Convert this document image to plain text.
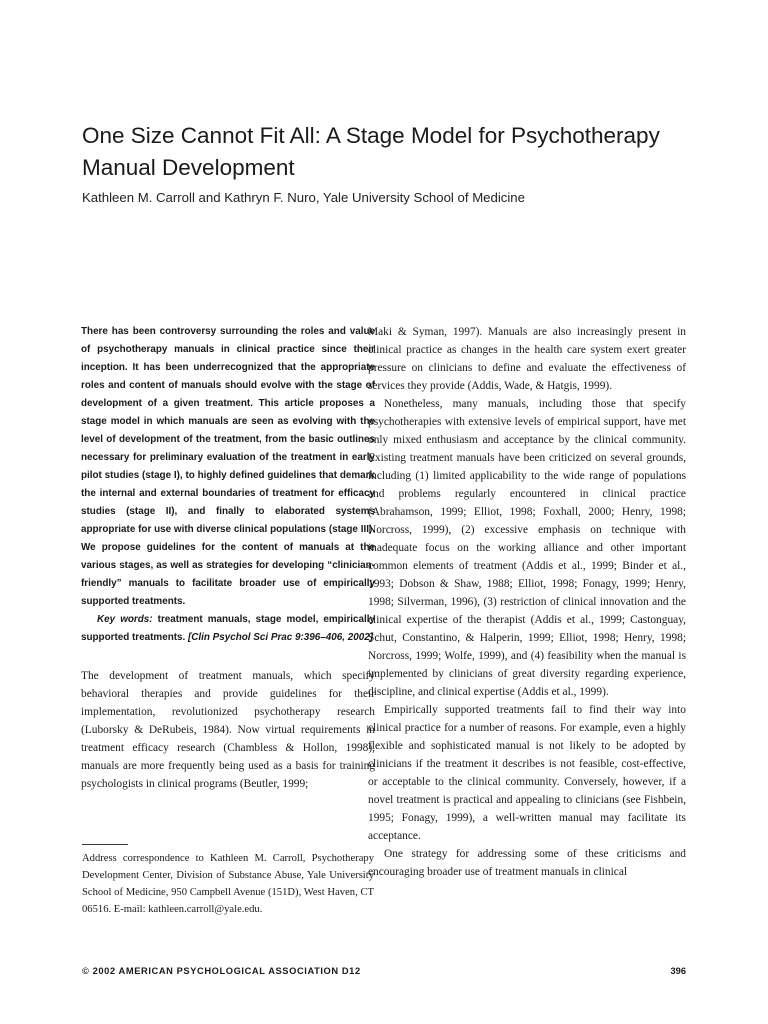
One Size Cannot Fit All: A Stage Model for Psychotherapy Manual Development
Kathleen M. Carroll and Kathryn F. Nuro, Yale University School of Medicine

There has been controversy surrounding the roles and value of psychotherapy manuals in clinical practice since their inception. It has been underrecognized that the appropriate roles and content of manuals should evolve with the stage of development of a given treatment. This article proposes a stage model in which manuals are seen as evolving with the level of development of the treatment, from the basic outlines necessary for preliminary evaluation of the treatment in early pilot studies (stage I), to highly defined guidelines that demark the internal and external boundaries of treatment for efficacy studies (stage II), and finally to elaborated systems appropriate for use with diverse clinical populations (stage III). We propose guidelines for the content of manuals at the various stages, as well as strategies for developing “clinician-friendly” manuals to facilitate broader use of empirically supported treatments.

Key words: treatment manuals, stage model, empirically supported treatments. [Clin Psychol Sci Prac 9:396–406, 2002]

The development of treatment manuals, which specify behavioral therapies and provide guidelines for their implementation, revolutionized psychotherapy research (Luborsky & DeRubeis, 1984). Now virtual requirements in treatment efficacy research (Chambless & Hollon, 1998), manuals are more frequently being used as a basis for training psychologists in clinical programs (Beutler, 1999;

Maki & Syman, 1997). Manuals are also increasingly present in clinical practice as changes in the health care system exert greater pressure on clinicians to define and evaluate the effectiveness of services they provide (Addis, Wade, & Hatgis, 1999).

Nonetheless, many manuals, including those that specify psychotherapies with extensive levels of empirical support, have met only mixed enthusiasm and acceptance by the clinical community. Existing treatment manuals have been criticized on several grounds, including (1) limited applicability to the wide range of populations and problems regularly encountered in clinical practice (Abrahamson, 1999; Elliot, 1998; Foxhall, 2000; Henry, 1998; Norcross, 1999), (2) excessive emphasis on technique with inadequate focus on the working alliance and other important common elements of treatment (Addis et al., 1999; Binder et al., 1993; Dobson & Shaw, 1988; Elliot, 1998; Fonagy, 1999; Henry, 1998; Silverman, 1996), (3) restriction of clinical innovation and the clinical expertise of the therapist (Addis et al., 1999; Castonguay, Schut, Constantino, & Halperin, 1999; Elliot, 1998; Henry, 1998; Norcross, 1999; Wolfe, 1999), and (4) feasibility when the manual is implemented by clinicians of great diversity regarding experience, discipline, and clinical expertise (Addis et al., 1999).

Empirically supported treatments fail to find their way into clinical practice for a number of reasons. For example, even a highly flexible and sophisticated manual is not likely to be adopted by clinicians if the treatment it describes is not feasible, cost-effective, or acceptable to the clinical community. Conversely, however, if a novel treatment is practical and appealing to clinicians (see Fishbein, 1995; Fonagy, 1999), a well-written manual may facilitate its acceptance.

One strategy for addressing some of these criticisms and encouraging broader use of treatment manuals in clinical

Address correspondence to Kathleen M. Carroll, Psychotherapy Development Center, Division of Substance Abuse, Yale University School of Medicine, 950 Campbell Avenue (151D), West Haven, CT 06516. E-mail: kathleen.carroll@yale.edu.

© 2002 AMERICAN PSYCHOLOGICAL ASSOCIATION D12	396
